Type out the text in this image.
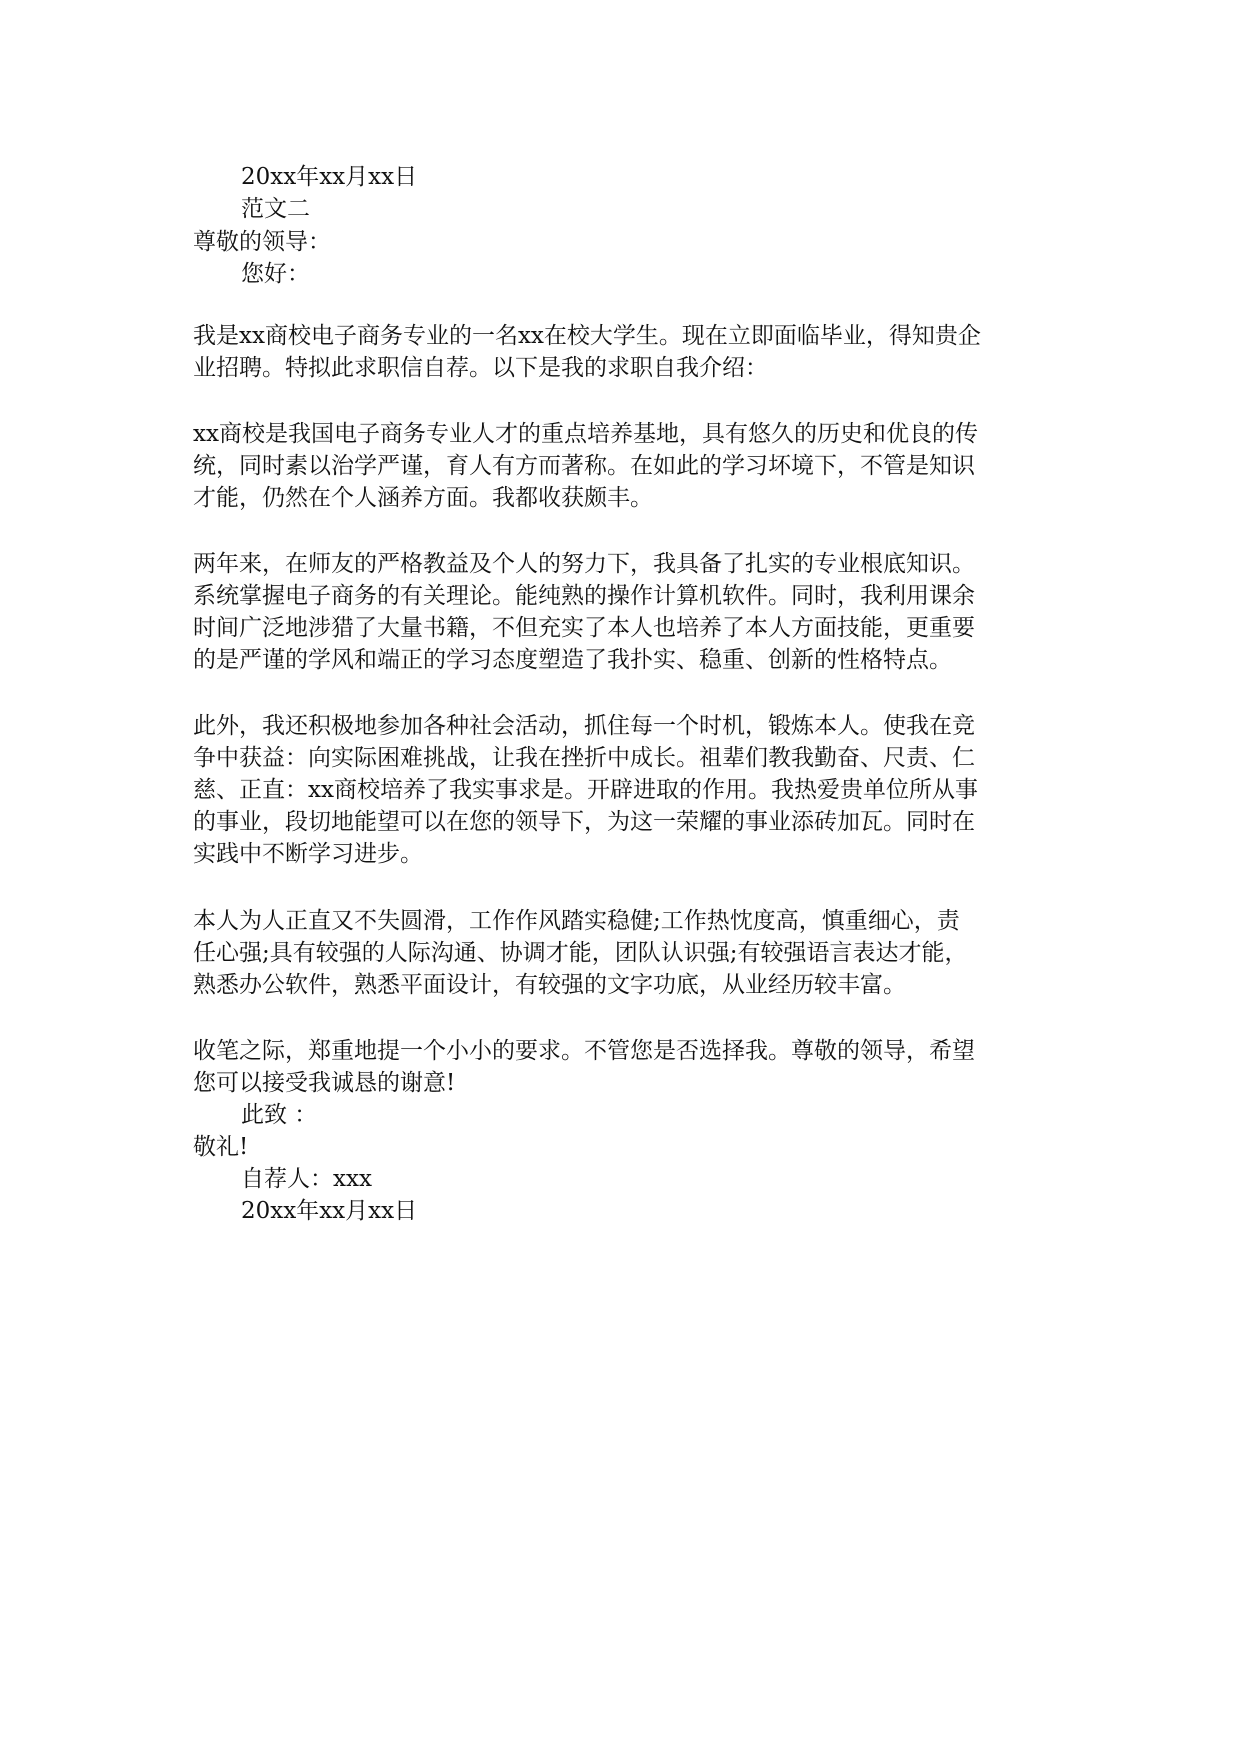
20xx年xx月xx日
范文二
尊敬的领导：
您好：
我是xx商校电子商务专业的一名xx在校大学生。现在立即面临毕业，得知贵企
业招聘。特拟此求职信自荐。以下是我的求职自我介绍：
xx商校是我国电子商务专业人才的重点培养基地，具有悠久的历史和优良的传
统，同时素以治学严谨，育人有方而著称。在如此的学习坏境下，不管是知识
才能，仍然在个人涵养方面。我都收获颇丰。
两年来，在师友的严格教益及个人的努力下，我具备了扎实的专业根底知识。
系统掌握电子商务的有关理论。能纯熟的操作计算机软件。同时，我利用课余
时间广泛地涉猎了大量书籍，不但充实了本人也培养了本人方面技能，更重要
的是严谨的学风和端正的学习态度塑造了我扑实、稳重、创新的性格特点。
此外，我还积极地参加各种社会活动，抓住每一个时机，锻炼本人。使我在竞
争中获益：向实际困难挑战，让我在挫折中成长。祖辈们教我勤奋、尺责、仁
慈、正直：xx商校培养了我实事求是。开辟进取的作用。我热爱贵单位所从事
的事业，段切地能望可以在您的领导下，为这一荣耀的事业添砖加瓦。同时在
实践中不断学习进步。
本人为人正直又不失圆滑，工作作风踏实稳健;工作热忱度高，慎重细心，责
任心强;具有较强的人际沟通、协调才能，团队认识强;有较强语言表达才能，
熟悉办公软件，熟悉平面设计，有较强的文字功底，从业经历较丰富。
收笔之际，郑重地提一个小小的要求。不管您是否选择我。尊敬的领导，希望
您可以接受我诚恳的谢意!
此致 ：
敬礼!
自荐人：xxx
20xx年xx月xx日
